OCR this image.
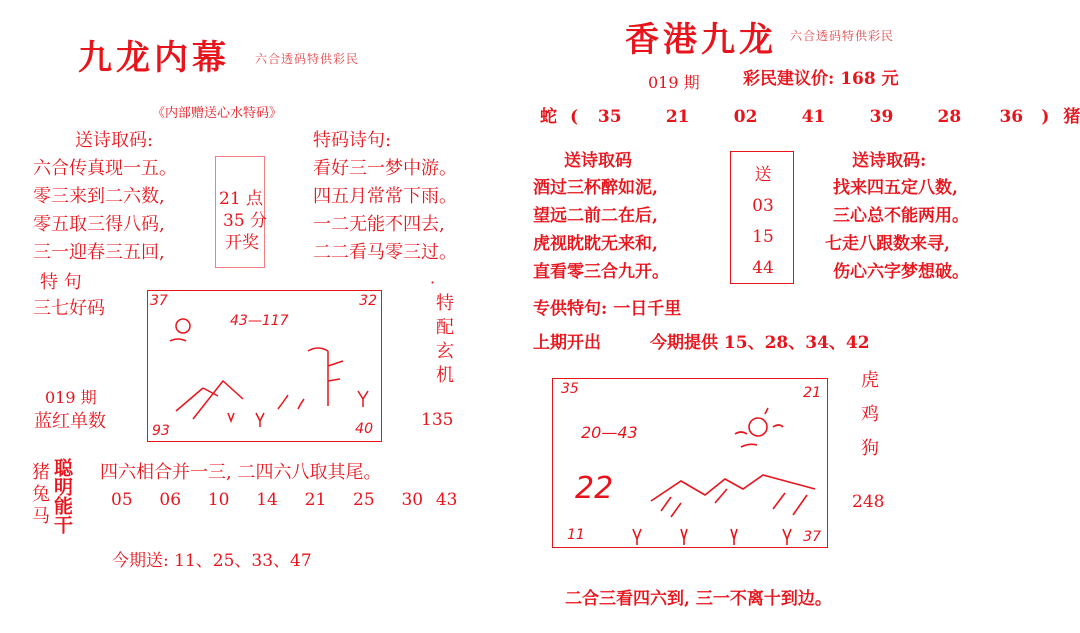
九龙内幕 六合透码特供彩民
《内部赠送心水特码》
送诗取码:
六合传真现一五。
零三来到二六数,
零五取三得八码,
三一迎春三五回,
21 点
35 分
开奖
特码诗句:
看好三一梦中游。
四五月常常下雨。
一二无能不四去,
二二看马零三过。
特 句
三七好码	37	32
93	40
43—117
·
特配玄机
135
019 期
蓝红单数
猪兔马 聪明能干 四六相合并一三, 二四六八取其尾。
05 06 10 14 21 25 30 43
今期送: 11、25、33、47
香港九龙 六合透码特供彩民
019 期	彩民建议价: 168 元
蛇 ( 35	21	02	41	39	28 36 ) 猪
送诗取码
酒过三杯醉如泥,
望远二前二在后,
虎视眈眈无来和,
直看零三合九开。
送
03
15
44
送诗取码:
找来四五定八数,
三心总不能两用。
七走八跟数来寻,
伤心六字梦想破。
专供特句: 一日千里
上期开出	今期提供 15、28、34、42
35	21
11	37
20—43
22
虎鸡狗
248
二合三看四六到, 三一不离十到边。
